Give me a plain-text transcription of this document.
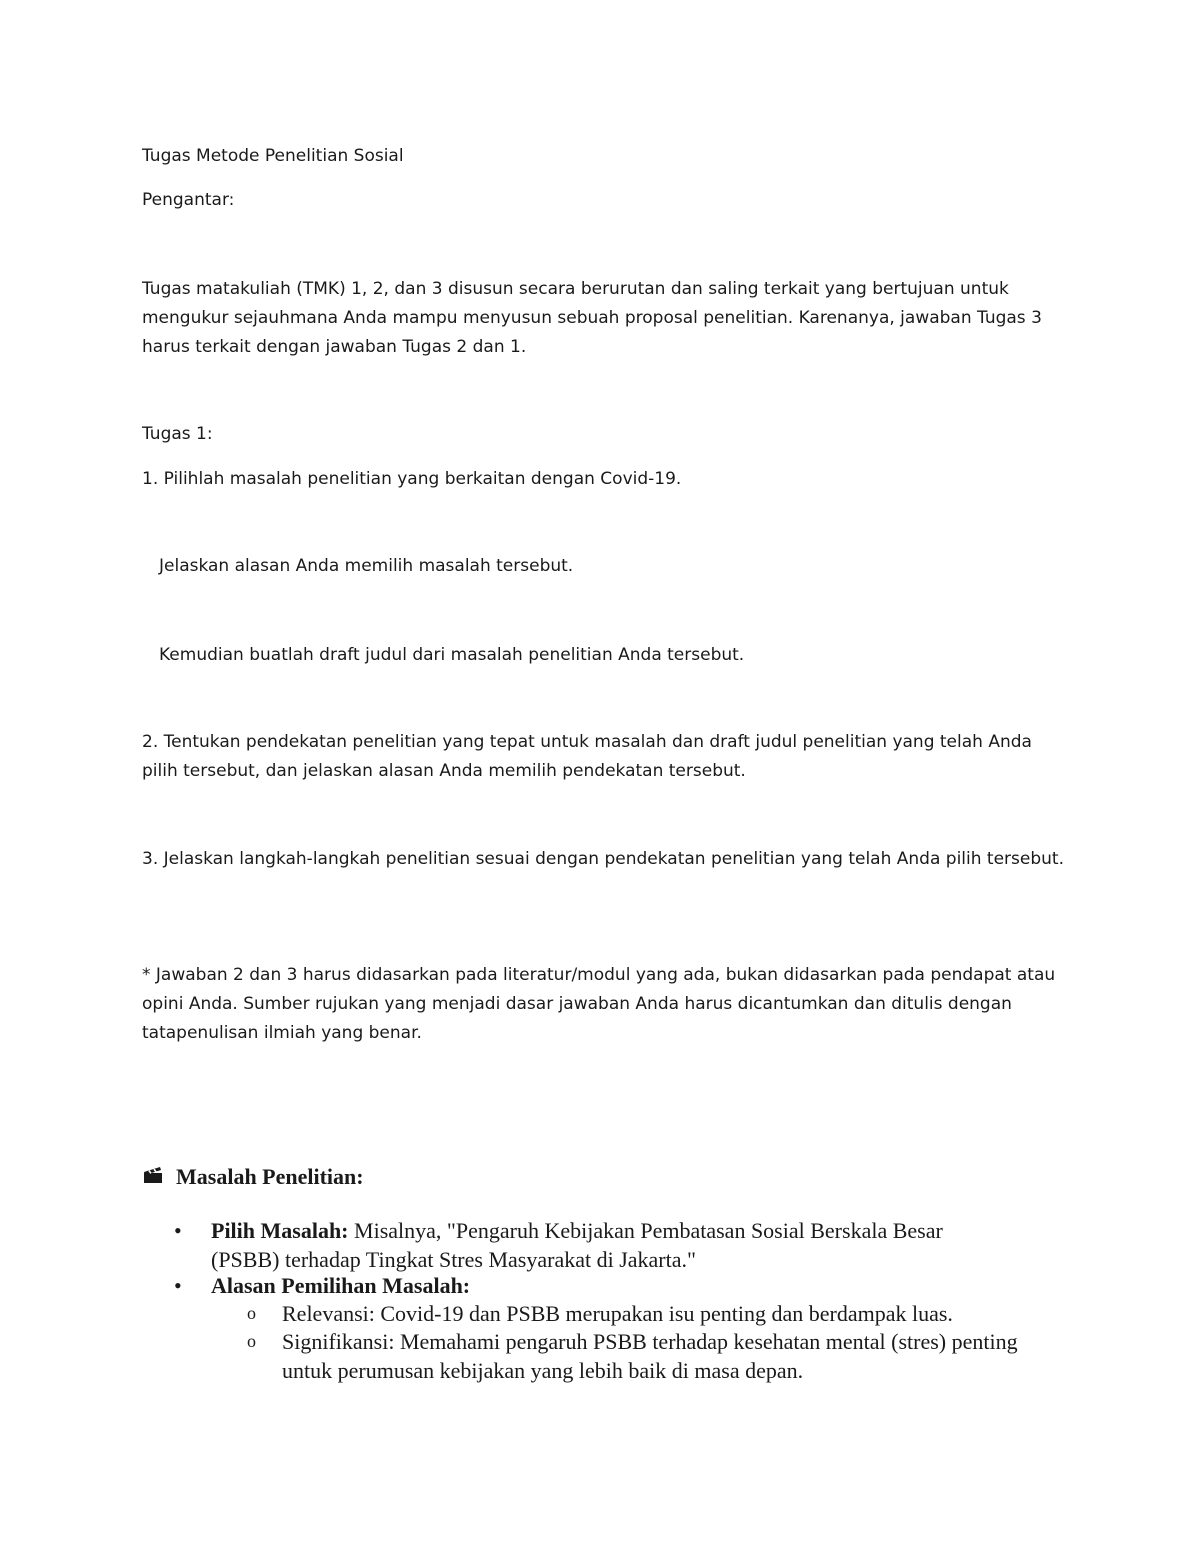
Tugas Metode Penelitian Sosial

Pengantar:

Tugas matakuliah (TMK) 1, 2, dan 3 disusun secara berurutan dan saling terkait yang bertujuan untuk mengukur sejauhmana Anda mampu menyusun sebuah proposal penelitian. Karenanya, jawaban Tugas 3 harus terkait dengan jawaban Tugas 2 dan 1.

Tugas 1:

1. Pilihlah masalah penelitian yang berkaitan dengan Covid-19.

Jelaskan alasan Anda memilih masalah tersebut.

Kemudian buatlah draft judul dari masalah penelitian Anda tersebut.

2. Tentukan pendekatan penelitian yang tepat untuk masalah dan draft judul penelitian yang telah Anda pilih tersebut, dan jelaskan alasan Anda memilih pendekatan tersebut.

3. Jelaskan langkah-langkah penelitian sesuai dengan pendekatan penelitian yang telah Anda pilih tersebut.

* Jawaban 2 dan 3 harus didasarkan pada literatur/modul yang ada, bukan didasarkan pada pendapat atau opini Anda. Sumber rujukan yang menjadi dasar jawaban Anda harus dicantumkan dan ditulis dengan tatapenulisan ilmiah yang benar.

Masalah Penelitian:

• Pilih Masalah: Misalnya, "Pengaruh Kebijakan Pembatasan Sosial Berskala Besar (PSBB) terhadap Tingkat Stres Masyarakat di Jakarta."

• Alasan Pemilihan Masalah:

o Relevansi: Covid-19 dan PSBB merupakan isu penting dan berdampak luas.

o Signifikansi: Memahami pengaruh PSBB terhadap kesehatan mental (stres) penting untuk perumusan kebijakan yang lebih baik di masa depan.
